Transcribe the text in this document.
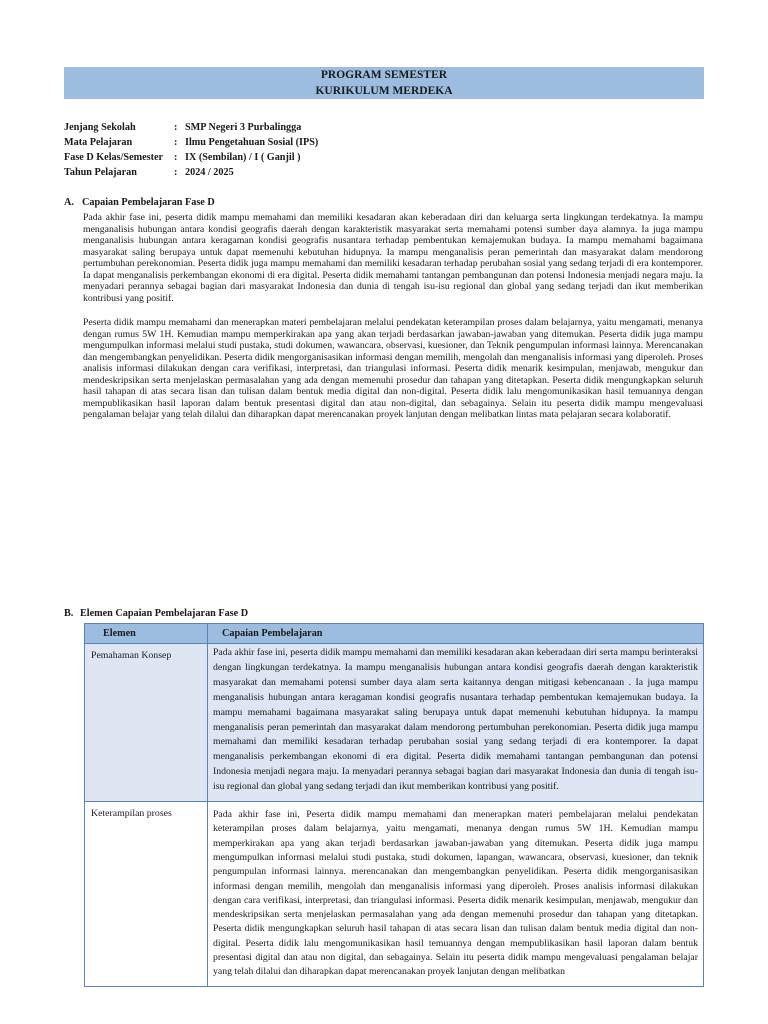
PROGRAM SEMESTER
KURIKULUM MERDEKA
Jenjang Sekolah	: SMP Negeri 3 Purbalingga
Mata Pelajaran	: Ilmu Pengetahuan Sosial (IPS)
Fase D Kelas/Semester	: IX (Sembilan) / I ( Ganjil )
Tahun Pelajaran	: 2024 / 2025
A. Capaian Pembelajaran Fase D

Pada akhir fase ini, peserta didik mampu memahami dan memiliki kesadaran akan keberadaan diri dan keluarga serta lingkungan terdekatnya. Ia mampu menganalisis hubungan antara kondisi geografis daerah dengan karakteristik masyarakat serta memahami potensi sumber daya alamnya. Ia juga mampu menganalisis hubungan antara keragaman kondisi geografis nusantara terhadap pembentukan kemajemukan budaya. Ia mampu memahami bagaimana masyarakat saling berupaya untuk dapat memenuhi kebutuhan hidupnya. Ia mampu menganalisis peran pemerintah dan masyarakat dalam mendorong pertumbuhan perekonomian. Peserta didik juga mampu memahami dan memiliki kesadaran terhadap perubahan sosial yang sedang terjadi di era kontemporer. Ia dapat menganalisis perkembangan ekonomi di era digital. Peserta didik memahami tantangan pembangunan dan potensi Indonesia menjadi negara maju. Ia menyadari perannya sebagai bagian dari masyarakat Indonesia dan dunia di tengah isu-isu regional dan global yang sedang terjadi dan ikut memberikan kontribusi yang positif.

Peserta didik mampu memahami dan menerapkan materi pembelajaran melalui pendekatan keterampilan proses dalam belajarnya, yaitu mengamati, menanya dengan rumus 5W 1H. Kemudian mampu memperkirakan apa yang akan terjadi berdasarkan jawaban-jawaban yang ditemukan. Peserta didik juga mampu mengumpulkan informasi melalui studi pustaka, studi dokumen, wawancara, observasi, kuesioner, dan Teknik pengumpulan informasi lainnya. Merencanakan dan mengembangkan penyelidikan. Peserta didik mengorganisasikan informasi dengan memilih, mengolah dan menganalisis informasi yang diperoleh. Proses analisis informasi dilakukan dengan cara verifikasi, interpretasi, dan triangulasi informasi. Peserta didik menarik kesimpulan, menjawab, mengukur dan mendeskripsikan serta menjelaskan permasalahan yang ada dengan memenuhi prosedur dan tahapan yang ditetapkan. Peserta didik mengungkapkan seluruh hasil tahapan di atas secara lisan dan tulisan dalam bentuk media digital dan non-digital. Peserta didik lalu mengomunikasikan hasil temuannya dengan mempublikasikan hasil laporan dalam bentuk presentasi digital dan atau non-digital, dan sebagainya. Selain itu peserta didik mampu mengevaluasi pengalaman belajar yang telah dilalui dan diharapkan dapat merencanakan proyek lanjutan dengan melibatkan lintas mata pelajaran secara kolaboratif.

B. Elemen Capaian Pembelajaran Fase D
Elemen	Capaian Pembelajaran
Pemahaman Konsep	Pada akhir fase ini, peserta didik mampu memahami dan memiliki kesadaran akan keberadaan diri serta mampu berinteraksi dengan lingkungan terdekatnya. Ia mampu menganalisis hubungan antara kondisi geografis daerah dengan karakteristik masyarakat dan memahami potensi sumber daya alam serta kaitannya dengan mitigasi kebencanaan . Ia juga mampu menganalisis hubungan antara keragaman kondisi geografis nusantara terhadap pembentukan kemajemukan budaya. Ia mampu memahami bagaimana masyarakat saling berupaya untuk dapat memenuhi kebutuhan hidupnya. Ia mampu menganalisis peran pemerintah dan masyarakat dalam mendorong pertumbuhan perekonomian. Peserta didik juga mampu memahami dan memiliki kesadaran terhadap perubahan sosial yang sedang terjadi di era kontemporer. Ia dapat menganalisis perkembangan ekonomi di era digital. Peserta didik memahami tantangan pembangunan dan potensi Indonesia menjadi negara maju. Ia menyadari perannya sebagai bagian dari masyarakat Indonesia dan dunia di tengah isu-isu regional dan global yang sedang terjadi dan ikut memberikan kontribusi yang positif.
Keterampilan proses	Pada akhir fase ini, Peserta didik mampu memahami dan menerapkan materi pembelajaran melalui pendekatan keterampilan proses dalam belajarnya, yaitu mengamati, menanya dengan rumus 5W 1H. Kemudian mampu memperkirakan apa yang akan terjadi berdasarkan jawaban-jawaban yang ditemukan. Peserta didik juga mampu mengumpulkan informasi melalui studi pustaka, studi dokumen, lapangan, wawancara, observasi, kuesioner, dan teknik pengumpulan informasi lainnya. merencanakan dan mengembangkan penyelidikan. Peserta didik mengorganisasikan informasi dengan memilih, mengolah dan menganalisis informasi yang diperoleh. Proses analisis informasi dilakukan dengan cara verifikasi, interpretasi, dan triangulasi informasi. Peserta didik menarik kesimpulan, menjawab, mengukur dan mendeskripsikan serta menjelaskan permasalahan yang ada dengan memenuhi prosedur dan tahapan yang ditetapkan. Peserta didik mengungkapkan seluruh hasil tahapan di atas secara lisan dan tulisan dalam bentuk media digital dan non-digital. Peserta didik lalu mengomunikasikan hasil temuannya dengan mempublikasikan hasil laporan dalam bentuk presentasi digital dan atau non digital, dan sebagainya. Selain itu peserta didik mampu mengevaluasi pengalaman belajar yang telah dilalui dan diharapkan dapat merencanakan proyek lanjutan dengan melibatkan
